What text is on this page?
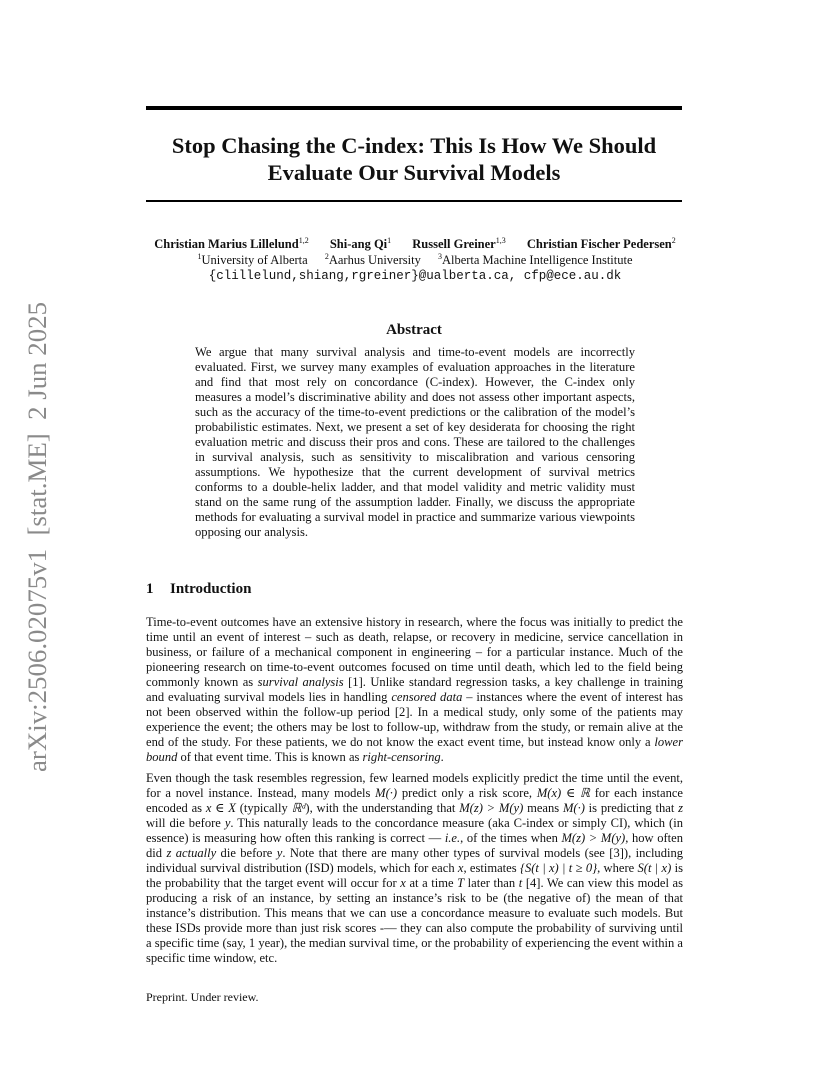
arXiv:2506.02075v1  [stat.ME]  2 Jun 2025
Stop Chasing the C-index: This Is How We Should
Evaluate Our Survival Models
Christian Marius Lillelund$^{1,2}$ Shi-ang Qi$^1$ Russell Greiner$^{1,3}$ Christian Fischer Pedersen$^2$
$^1$University of Alberta $^2$Aarhus University $^3$Alberta Machine Intelligence Institute
{clillelund,shiang,rgreiner}@ualberta.ca, cfp@ece.au.dk
Abstract

We argue that many survival analysis and time-to-event models are incorrectly evaluated. First, we survey many examples of evaluation approaches in the literature and find that most rely on concordance (C-index). However, the C-index only measures a model’s discriminative ability and does not assess other important aspects, such as the accuracy of the time-to-event predictions or the calibration of the model’s probabilistic estimates. Next, we present a set of key desiderata for choosing the right evaluation metric and discuss their pros and cons. These are tailored to the challenges in survival analysis, such as sensitivity to miscalibration and various censoring assumptions. We hypothesize that the current development of survival metrics conforms to a double-helix ladder, and that model validity and metric validity must stand on the same rung of the assumption ladder. Finally, we discuss the appropriate methods for evaluating a survival model in practice and summarize various viewpoints opposing our analysis.

1 Introduction

Time-to-event outcomes have an extensive history in research, where the focus was initially to predict the time until an event of interest – such as death, relapse, or recovery in medicine, service cancellation in business, or failure of a mechanical component in engineering – for a particular instance. Much of the pioneering research on time-to-event outcomes focused on time until death, which led to the field being commonly known as survival analysis [1]. Unlike standard regression tasks, a key challenge in training and evaluating survival models lies in handling censored data – instances where the event of interest has not been observed within the follow-up period [2]. In a medical study, only some of the patients may experience the event; the others may be lost to follow-up, withdraw from the study, or remain alive at the end of the study. For these patients, we do not know the exact event time, but instead know only a lower bound of that event time. This is known as right-censoring.

Even though the task resembles regression, few learned models explicitly predict the time until the event, for a novel instance. Instead, many models M(·) predict only a risk score, M(x) ∈ ℝ for each instance encoded as x ∈ X (typically ℝᵈ), with the understanding that M(z) > M(y) means M(·) is predicting that z will die before y. This naturally leads to the concordance measure (aka C-index or simply CI), which (in essence) is measuring how often this ranking is correct — i.e., of the times when M(z) > M(y), how often did z actually die before y. Note that there are many other types of survival models (see [3]), including individual survival distribution (ISD) models, which for each x, estimates {S(t | x) | t ≥ 0}, where S(t | x) is the probability that the target event will occur for x at a time T later than t [4]. We can view this model as producing a risk of an instance, by setting an instance’s risk to be (the negative of) the mean of that instance’s distribution. This means that we can use a concordance measure to evaluate such models. But these ISDs provide more than just risk scores -— they can also compute the probability of surviving until a specific time (say, 1 year), the median survival time, or the probability of experiencing the event within a specific time window, etc.

Preprint. Under review.
